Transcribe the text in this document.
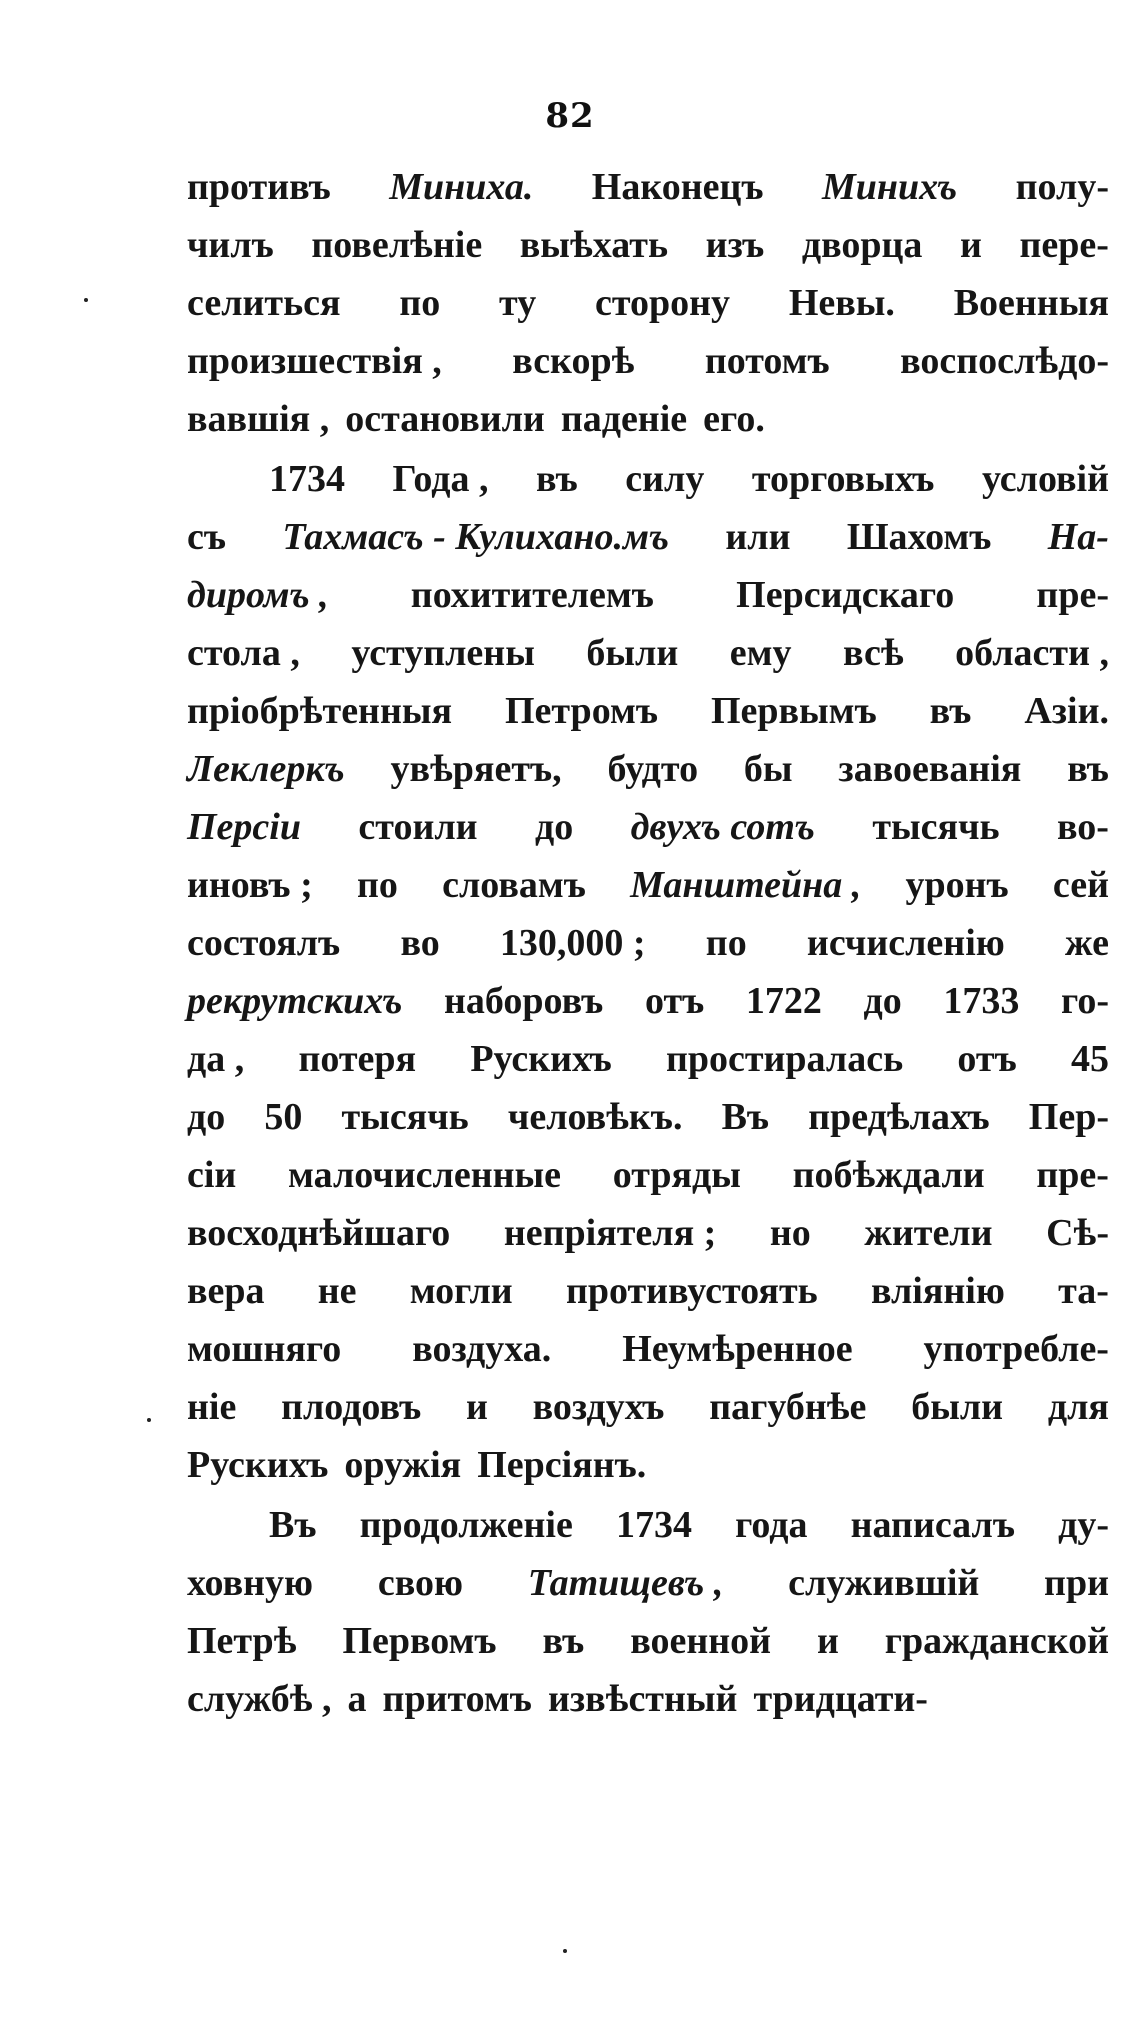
82
противъ Миниха. Наконецъ Минихъ полу-
чилъ повелѣніе выѣхать изъ дворца и пере-
селиться по ту сторону Невы. Военныя
произшествія , вскорѣ потомъ воспослѣдо-
вавшія , остановили паденіе его.
1734 Года , въ силу торговыхъ условій
съ Тахмасъ - Кулихано.мъ или Шахомъ На-
диромъ , похитителемъ Персидскаго пре-
стола , уступлены были ему всѣ области ,
пріобрѣтенныя Петромъ Первымъ въ Азіи.
Леклеркъ увѣряетъ, будто бы завоеванія въ
Персіи стоили до двухъ сотъ тысячь во-
иновъ ; по словамъ Манштейна , уронъ сей
состоялъ во 130,000 ; по исчисленію же
рекрутскихъ наборовъ отъ 1722 до 1733 го-
да , потеря Рускихъ простиралась отъ 45
до 50 тысячь человѣкъ. Въ предѣлахъ Пер-
сіи малочисленные отряды побѣждали пре-
восходнѣйшаго непріятеля ; но жители Сѣ-
вера не могли противустоять вліянію та-
мошняго воздуха. Неумѣренное употребле-
ніе плодовъ и воздухъ пагубнѣе были для
Рускихъ оружія Персіянъ.
Въ продолженіе 1734 года написалъ ду-
ховную свою Татищевъ , служившій при
Петрѣ Первомъ въ военной и гражданской
службѣ , а притомъ извѣстный тридцати-
